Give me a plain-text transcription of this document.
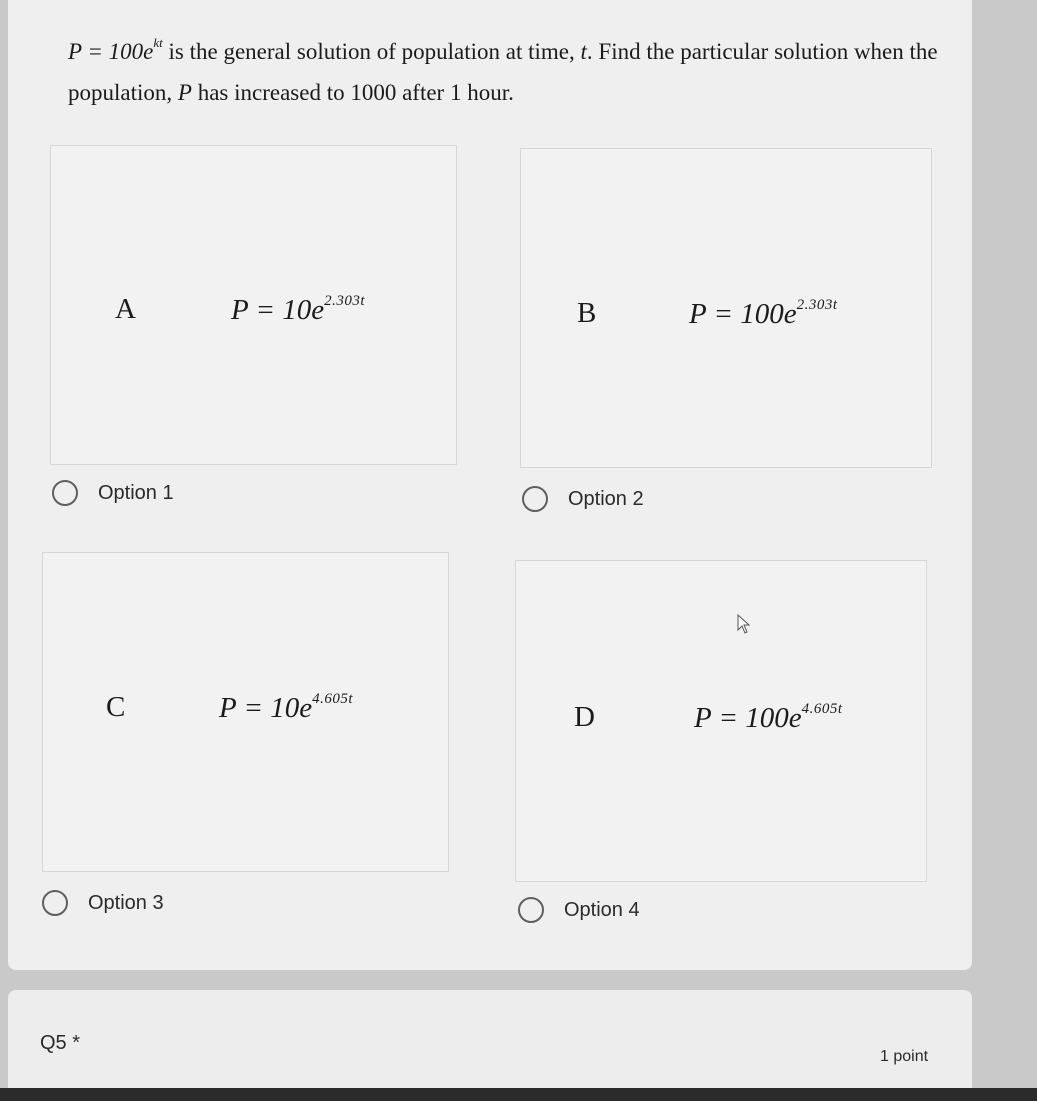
$P = 100e^{kt}$ is the general solution of population at time, t. Find the particular solution when the population, P has increased to 1000 after 1 hour.
A	$P = 10e^{2.303t}$	B	$P = 100e^{2.303t}$
Option 1	Option 2
C	$P = 10e^{4.605t}$
D	$P = 100e^{4.605t}$
Option 3	Option 4
Q5 *
1 point
